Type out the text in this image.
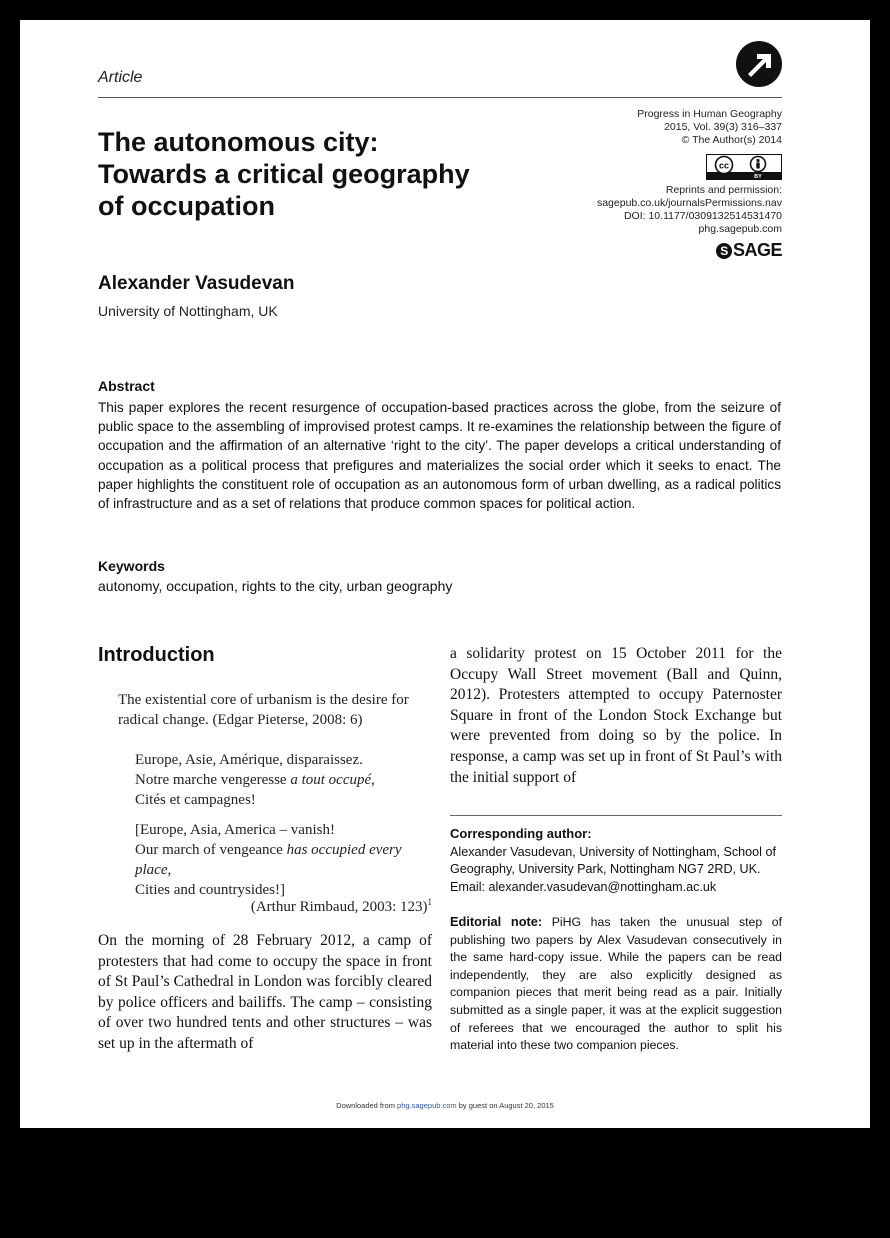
Article
The autonomous city:
Towards a critical geography
of occupation
Progress in Human Geography
2015, Vol. 39(3) 316–337
© The Author(s) 2014
cc
BY
Reprints and permission:
sagepub.co.uk/journalsPermissions.nav
DOI: 10.1177/0309132514531470
phg.sagepub.com
S SAGE
Alexander Vasudevan
University of Nottingham, UK
Abstract
This paper explores the recent resurgence of occupation-based practices across the globe, from the seizure of public space to the assembling of improvised protest camps. It re-examines the relationship between the figure of occupation and the affirmation of an alternative ‘right to the city’. The paper develops a critical understanding of occupation as a political process that prefigures and materializes the social order which it seeks to enact. The paper highlights the constituent role of occupation as an autonomous form of urban dwelling, as a radical politics of infrastructure and as a set of relations that produce common spaces for political action.
Keywords
autonomy, occupation, rights to the city, urban geography
Introduction
The existential core of urbanism is the desire for radical change. (Edgar Pieterse, 2008: 6)
Europe, Asie, Amérique, disparaissez.
Notre marche vengeresse a tout occupé,
Cités et campagnes!
[Europe, Asia, America – vanish!
Our march of vengeance has occupied every place,
Cities and countrysides!]
(Arthur Rimbaud, 2003: 123)$^1$
On the morning of 28 February 2012, a camp of protesters that had come to occupy the space in front of St Paul’s Cathedral in London was forcibly cleared by police officers and bailiffs. The camp – consisting of over two hundred tents and other structures – was set up in the aftermath of
a solidarity protest on 15 October 2011 for the Occupy Wall Street movement (Ball and Quinn, 2012). Protesters attempted to occupy Paternoster Square in front of the London Stock Exchange but were prevented from doing so by the police. In response, a camp was set up in front of St Paul’s with the initial support of
Corresponding author:
Alexander Vasudevan, University of Nottingham, School of
Geography, University Park, Nottingham NG7 2RD, UK.
Email: alexander.vasudevan@nottingham.ac.uk
Editorial note: PiHG has taken the unusual step of publishing two papers by Alex Vasudevan consecutively in the same hard-copy issue. While the papers can be read independently, they are also explicitly designed as companion pieces that merit being read as a pair. Initially submitted as a single paper, it was at the explicit suggestion of referees that we encouraged the author to split his material into these two companion pieces.
Downloaded from phg.sagepub.com by guest on August 20, 2015
